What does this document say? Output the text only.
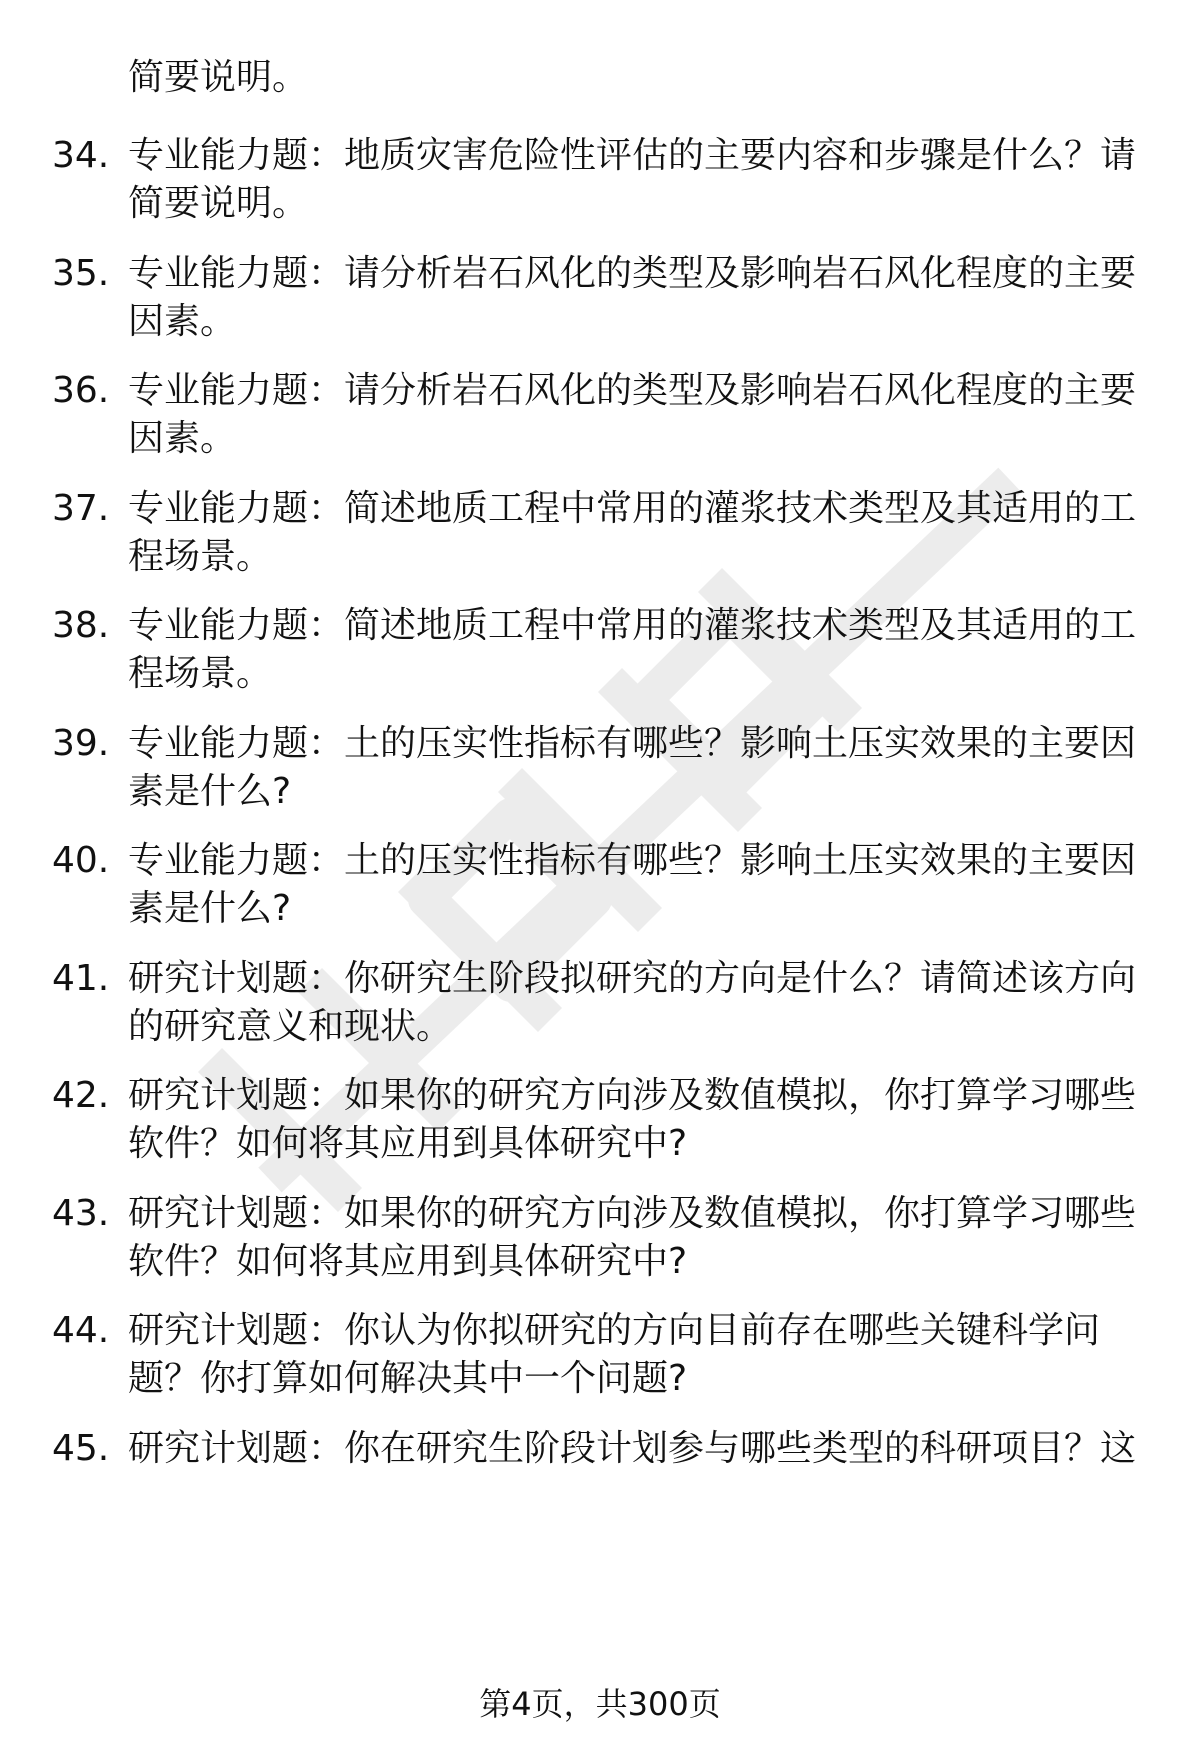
简要说明。
34. 专业能力题：地质灾害危险性评估的主要内容和步骤是什么？请
简要说明。
35. 专业能力题：请分析岩石风化的类型及影响岩石风化程度的主要
因素。
36. 专业能力题：请分析岩石风化的类型及影响岩石风化程度的主要
因素。
37. 专业能力题：简述地质工程中常用的灌浆技术类型及其适用的工
程场景。
38. 专业能力题：简述地质工程中常用的灌浆技术类型及其适用的工
程场景。
39. 专业能力题：土的压实性指标有哪些？影响土压实效果的主要因
素是什么?
40. 专业能力题：土的压实性指标有哪些？影响土压实效果的主要因
素是什么?
41. 研究计划题：你研究生阶段拟研究的方向是什么？请简述该方向
的研究意义和现状。
42. 研究计划题：如果你的研究方向涉及数值模拟，你打算学习哪些
软件？如何将其应用到具体研究中?
43. 研究计划题：如果你的研究方向涉及数值模拟，你打算学习哪些
软件？如何将其应用到具体研究中?
44. 研究计划题：你认为你拟研究的方向目前存在哪些关键科学问
题？你打算如何解决其中一个问题?
45. 研究计划题：你在研究生阶段计划参与哪些类型的科研项目？这
第4页，共300页
